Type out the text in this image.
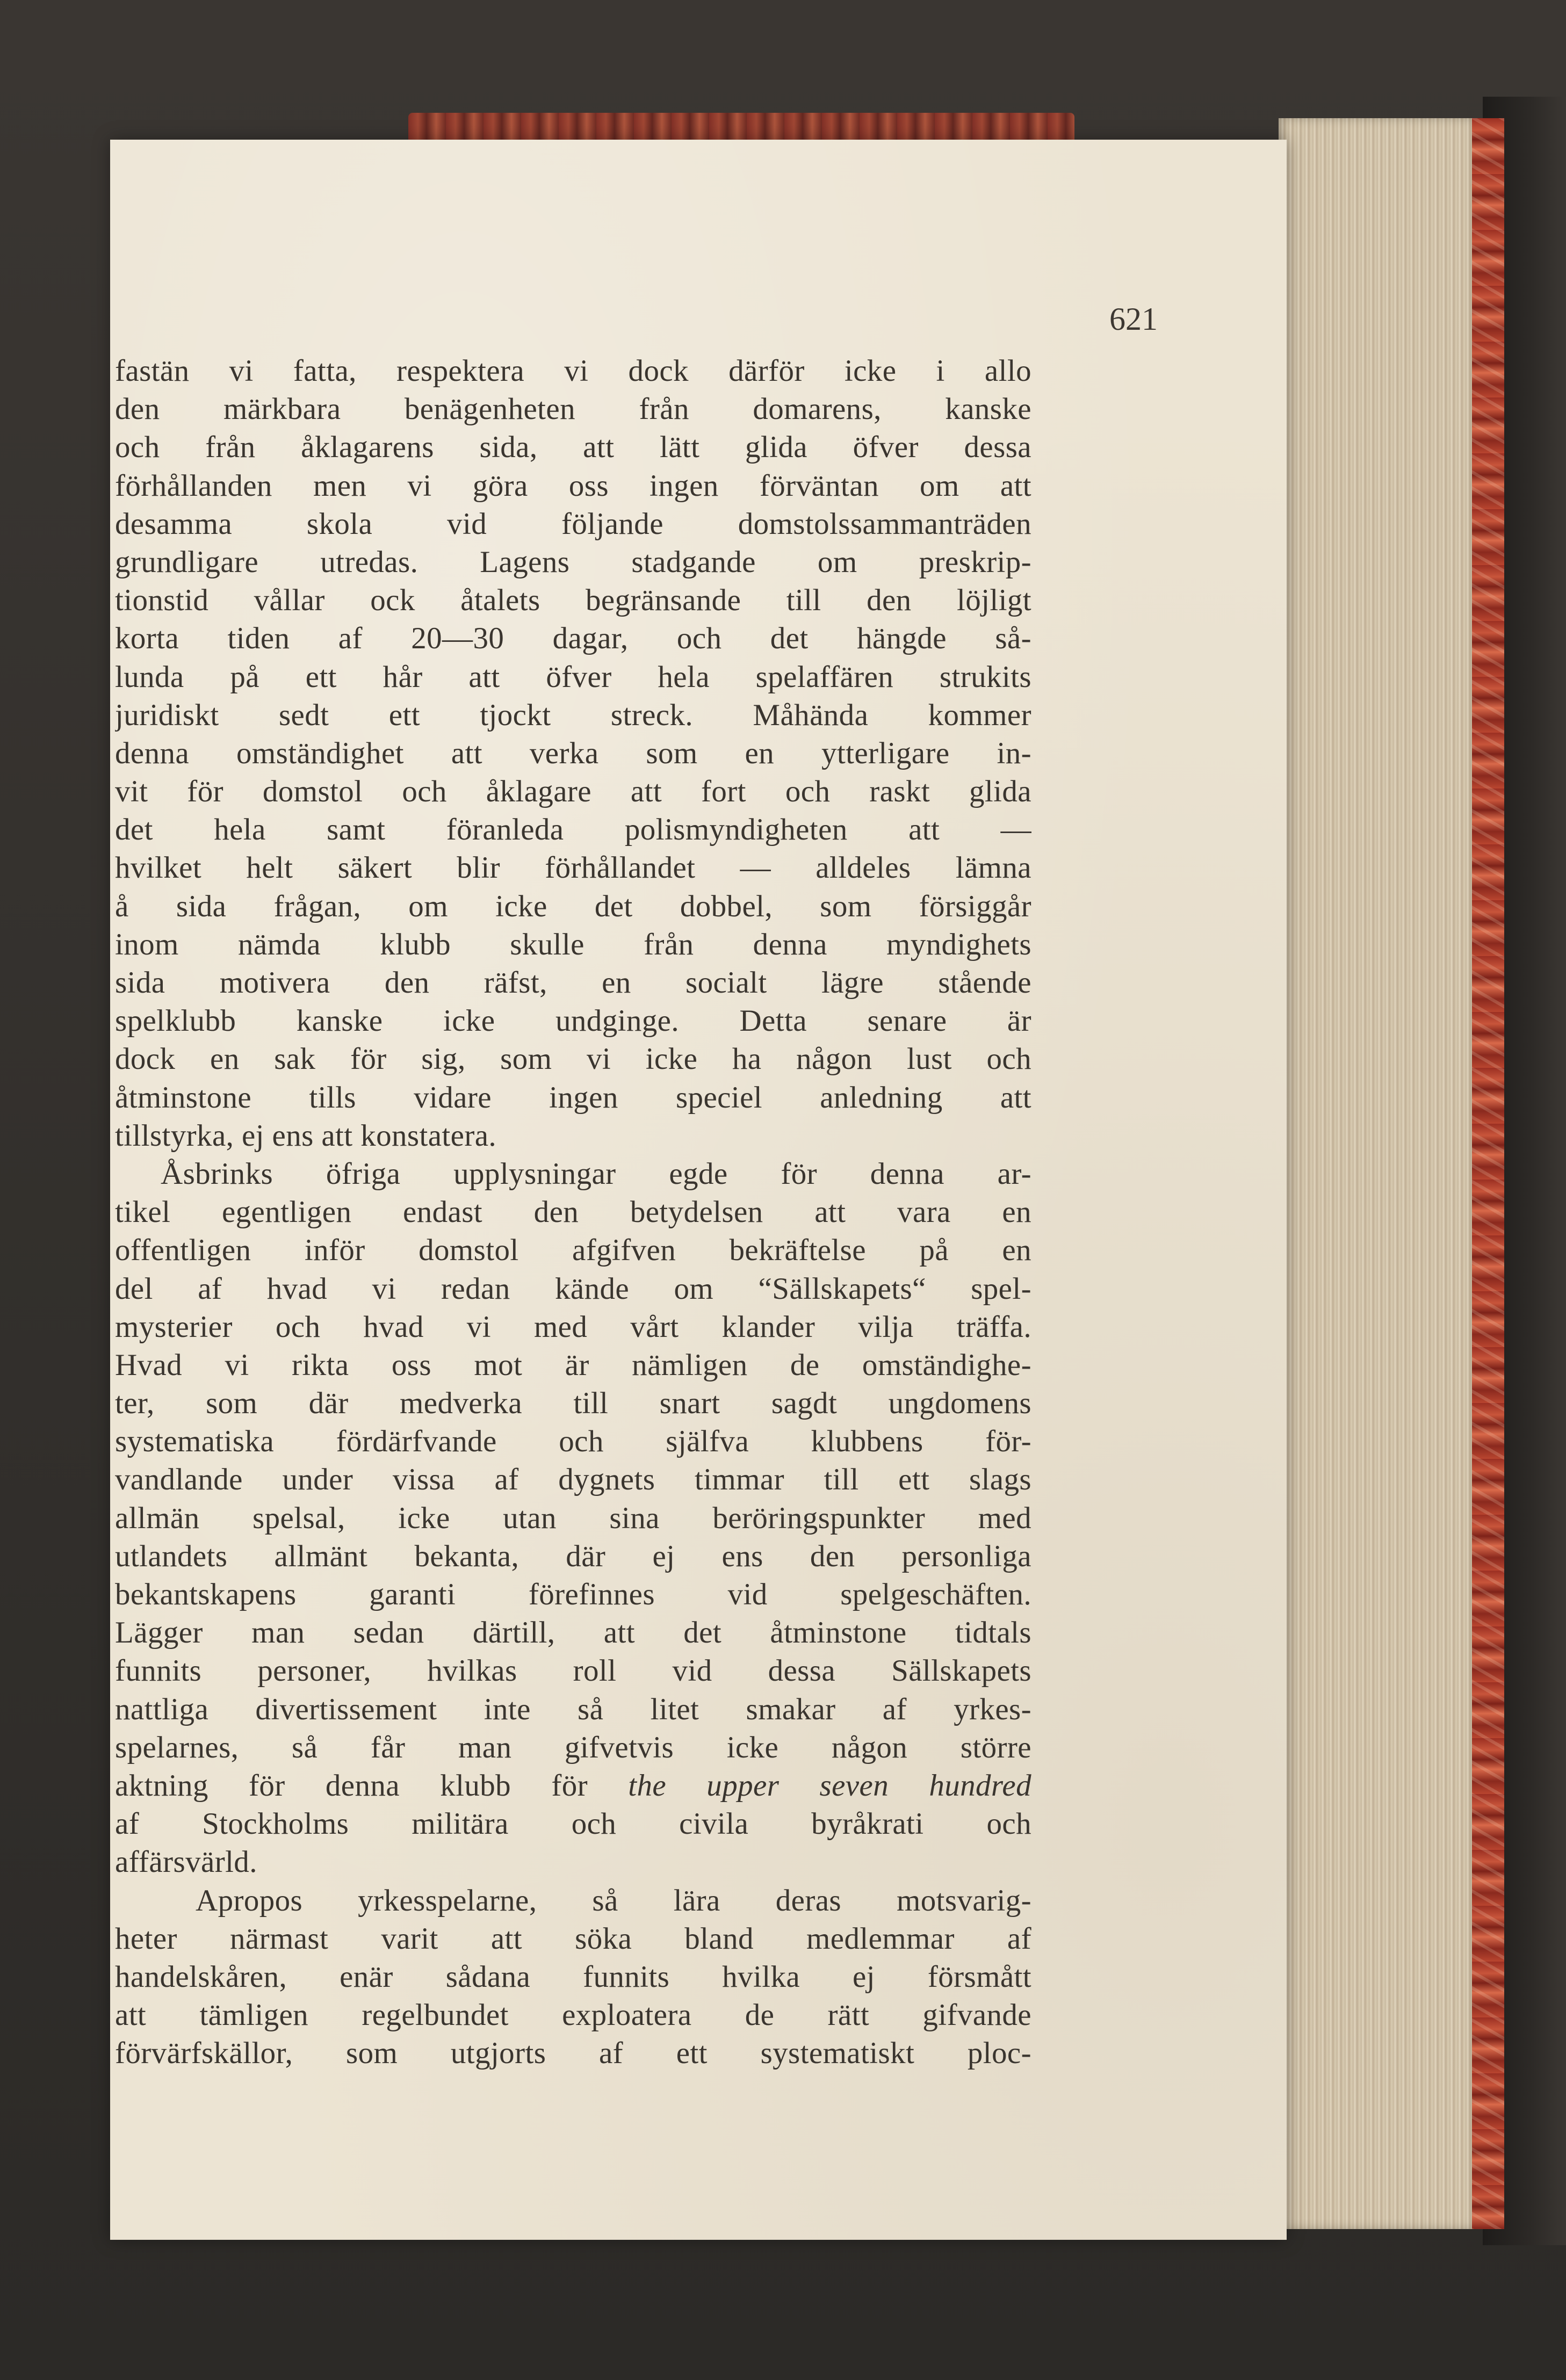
621
fastän vi fatta, respektera vi dock därför icke i allo
den märkbara benägenheten från domarens, kanske
och från åklagarens sida, att lätt glida öfver dessa
förhållanden men vi göra oss ingen förväntan om att
desamma skola vid följande domstolssammanträden
grundligare utredas. Lagens stadgande om preskrip-
tionstid vållar ock åtalets begränsande till den löjligt
korta tiden af 20—30 dagar, och det hängde så-
lunda på ett hår att öfver hela spelaffären strukits
juridiskt sedt ett tjockt streck. Måhända kommer
denna omständighet att verka som en ytterligare in-
vit för domstol och åklagare att fort och raskt glida
det hela samt föranleda polismyndigheten att —
hvilket helt säkert blir förhållandet — alldeles lämna
å sida frågan, om icke det dobbel, som försiggår
inom nämda klubb skulle från denna myndighets
sida motivera den räfst, en socialt lägre stående
spelklubb kanske icke undginge. Detta senare är
dock en sak för sig, som vi icke ha någon lust och
åtminstone tills vidare ingen speciel anledning att
tillstyrka, ej ens att konstatera.
Åsbrinks öfriga upplysningar egde för denna ar-
tikel egentligen endast den betydelsen att vara en
offentligen inför domstol afgifven bekräftelse på en
del af hvad vi redan kände om “Sällskapets“ spel-
mysterier och hvad vi med vårt klander vilja träffa.
Hvad vi rikta oss mot är nämligen de omständighe-
ter, som där medverka till snart sagdt ungdomens
systematiska fördärfvande och själfva klubbens för-
vandlande under vissa af dygnets timmar till ett slags
allmän spelsal, icke utan sina beröringspunkter med
utlandets allmänt bekanta, där ej ens den personliga
bekantskapens garanti förefinnes vid spelgeschäften.
Lägger man sedan därtill, att det åtminstone tidtals
funnits personer, hvilkas roll vid dessa Sällskapets
nattliga divertissement inte så litet smakar af yrkes-
spelarnes, så får man gifvetvis icke någon större
aktning för denna klubb för the upper seven hundred
af Stockholms militära och civila byråkrati och
affärsvärld.
Apropos yrkesspelarne, så lära deras motsvarig-
heter närmast varit att söka bland medlemmar af
handelskåren, enär sådana funnits hvilka ej försmått
att tämligen regelbundet exploatera de rätt gifvande
förvärfskällor, som utgjorts af ett systematiskt ploc-
